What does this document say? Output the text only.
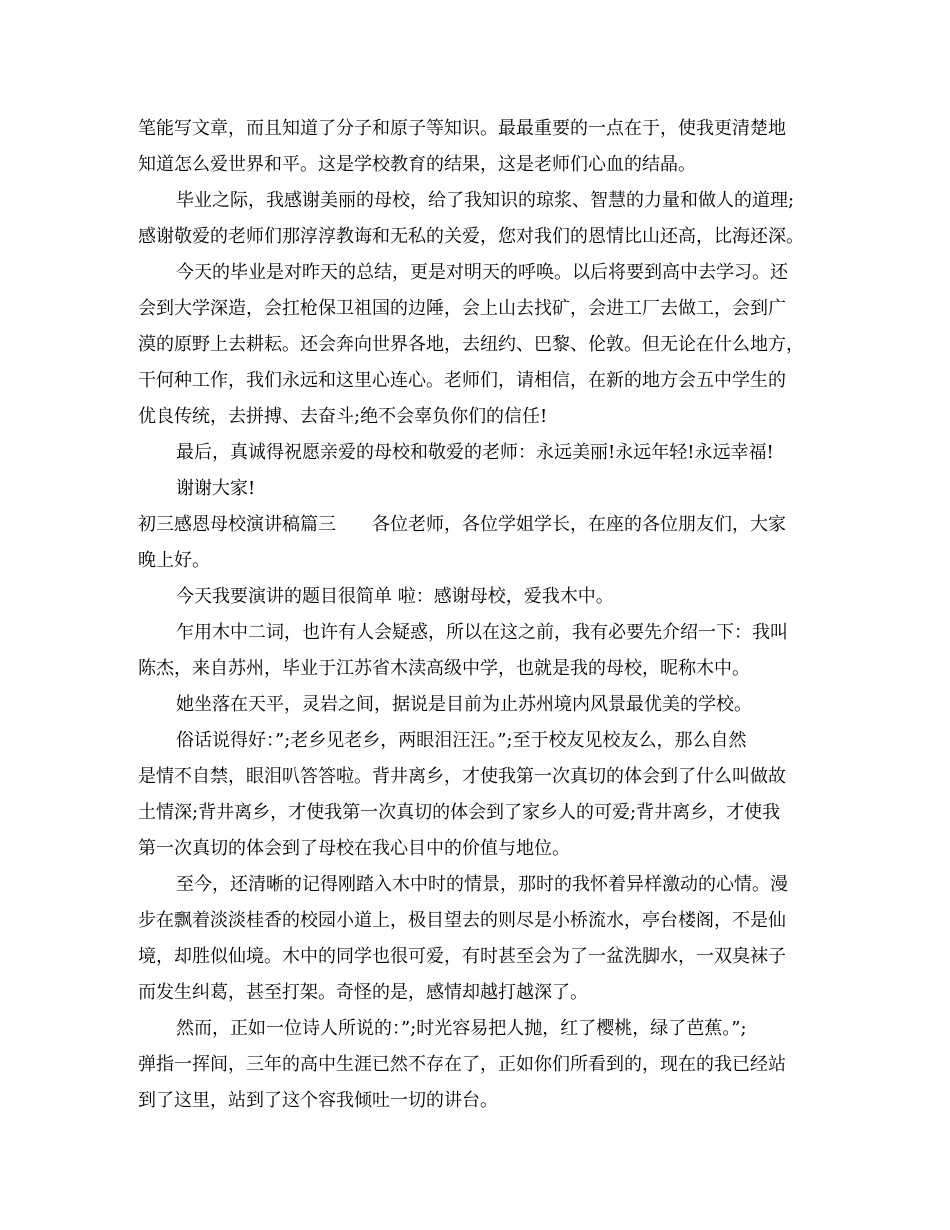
笔能写文章，而且知道了分子和原子等知识。最最重要的一点在于，使我更清楚地
知道怎么爱世界和平。这是学校教育的结果，这是老师们心血的结晶。
毕业之际，我感谢美丽的母校，给了我知识的琼浆、智慧的力量和做人的道理;
感谢敬爱的老师们那淳淳教诲和无私的关爱，您对我们的恩情比山还高，比海还深。
今天的毕业是对昨天的总结，更是对明天的呼唤。以后将要到高中去学习。还
会到大学深造，会扛枪保卫祖国的边陲，会上山去找矿，会进工厂去做工，会到广
漠的原野上去耕耘。还会奔向世界各地，去纽约、巴黎、伦敦。但无论在什么地方，
干何种工作，我们永远和这里心连心。老师们，请相信，在新的地方会五中学生的
优良传统，去拼搏、去奋斗;绝不会辜负你们的信任!
最后，真诚得祝愿亲爱的母校和敬爱的老师：永远美丽!永远年轻!永远幸福!
谢谢大家!
初三感恩母校演讲稿篇三　　各位老师，各位学姐学长，在座的各位朋友们，大家
晚上好。
今天我要演讲的题目很简单 啦：感谢母校，爱我木中。
乍用木中二词，也许有人会疑惑，所以在这之前，我有必要先介绍一下：我叫
陈杰，来自苏州，毕业于江苏省木渎高级中学，也就是我的母校，昵称木中。
她坐落在天平，灵岩之间，据说是目前为止苏州境内风景最优美的学校。
俗话说得好：”;老乡见老乡，两眼泪汪汪。”;至于校友见校友么，那么自然
是情不自禁，眼泪叭答答啦。背井离乡，才使我第一次真切的体会到了什么叫做故
土情深;背井离乡，才使我第一次真切的体会到了家乡人的可爱;背井离乡，才使我
第一次真切的体会到了母校在我心目中的价值与地位。
至今，还清晰的记得刚踏入木中时的情景，那时的我怀着异样激动的心情。漫
步在飘着淡淡桂香的校园小道上，极目望去的则尽是小桥流水，亭台楼阁，不是仙
境，却胜似仙境。木中的同学也很可爱，有时甚至会为了一盆洗脚水，一双臭袜子
而发生纠葛，甚至打架。奇怪的是，感情却越打越深了。
然而，正如一位诗人所说的：”;时光容易把人抛，红了樱桃，绿了芭蕉。”;
弹指一挥间，三年的高中生涯已然不存在了，正如你们所看到的，现在的我已经站
到了这里，站到了这个容我倾吐一切的讲台。
